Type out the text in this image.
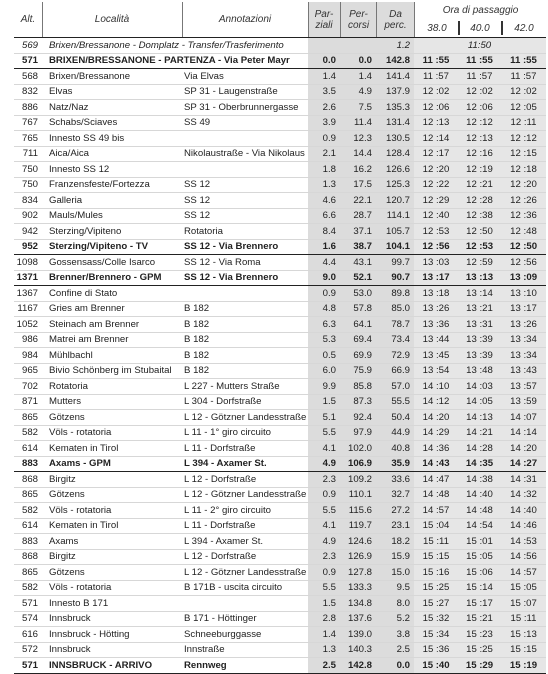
Alt.	Località	Annotazioni	Par-
ziali
Per-
corsi
Da
perc.
Ora di passaggio
38.0	40.0	42.0
569	Brixen/Bressanone - Domplatz - Transfer/Trasferimento				1.2		11:50	
571	BRIXEN/BRESSANONE - PARTENZA - Via Peter Mayr		0.0	0.0	142.8	11 :55	11 :55	11 :55
568	Brixen/Bressanone	Via Elvas	1.4	1.4	141.4	11 :57	11 :57	11 :57
832	Elvas	SP 31 - Laugenstraße	3.5	4.9	137.9	12 :02	12 :02	12 :02
886	Natz/Naz	SP 31 - Oberbrunnergasse	2.6	7.5	135.3	12 :06	12 :06	12 :05
767	Schabs/Sciaves	SS 49	3.9	11.4	131.4	12 :13	12 :12	12 :11
765	Innesto SS 49 bis		0.9	12.3	130.5	12 :14	12 :13	12 :12
711	Aica/Aica	Nikolaustraße - Via Nikolaus	2.1	14.4	128.4	12 :17	12 :16	12 :15
750	Innesto SS 12		1.8	16.2	126.6	12 :20	12 :19	12 :18
750	Franzensfeste/Fortezza	SS 12	1.3	17.5	125.3	12 :22	12 :21	12 :20
834	Galleria	SS 12	4.6	22.1	120.7	12 :29	12 :28	12 :26
902	Mauls/Mules	SS 12	6.6	28.7	114.1	12 :40	12 :38	12 :36
942	Sterzing/Vipiteno	Rotatoria	8.4	37.1	105.7	12 :53	12 :50	12 :48
952	Sterzing/Vipiteno - TV	SS 12 - Via Brennero	1.6	38.7	104.1	12 :56	12 :53	12 :50
1098	Gossensass/Colle Isarco	SS 12 - Via Roma	4.4	43.1	99.7	13 :03	12 :59	12 :56
1371	Brenner/Brennero - GPM	SS 12 - Via Brennero	9.0	52.1	90.7	13 :17	13 :13	13 :09
1367	Confine di Stato		0.9	53.0	89.8	13 :18	13 :14	13 :10
1167	Gries am Brenner	B 182	4.8	57.8	85.0	13 :26	13 :21	13 :17
1052	Steinach am Brenner	B 182	6.3	64.1	78.7	13 :36	13 :31	13 :26
986	Matrei am Brenner	B 182	5.3	69.4	73.4	13 :44	13 :39	13 :34
984	Mühlbachl	B 182	0.5	69.9	72.9	13 :45	13 :39	13 :34
965	Bivio Schönberg im Stubaital	B 182	6.0	75.9	66.9	13 :54	13 :48	13 :43
702	Rotatoria	L 227 - Mutters Straße	9.9	85.8	57.0	14 :10	14 :03	13 :57
871	Mutters	L 304 - Dorfstraße	1.5	87.3	55.5	14 :12	14 :05	13 :59
865	Götzens	L 12 - Götzner Landesstraße	5.1	92.4	50.4	14 :20	14 :13	14 :07
582	Völs - rotatoria	L 11 - 1° giro circuito	5.5	97.9	44.9	14 :29	14 :21	14 :14
614	Kematen in Tirol	L 11 - Dorfstraße	4.1	102.0	40.8	14 :36	14 :28	14 :20
883	Axams - GPM	L 394 - Axamer St.	4.9	106.9	35.9	14 :43	14 :35	14 :27
868	Birgitz	L 12 - Dorfstraße	2.3	109.2	33.6	14 :47	14 :38	14 :31
865	Götzens	L 12 - Götzner Landesstraße	0.9	110.1	32.7	14 :48	14 :40	14 :32
582	Völs - rotatoria	L 11 - 2° giro circuito	5.5	115.6	27.2	14 :57	14 :48	14 :40
614	Kematen in Tirol	L 11 - Dorfstraße	4.1	119.7	23.1	15 :04	14 :54	14 :46
883	Axams	L 394 - Axamer St.	4.9	124.6	18.2	15 :11	15 :01	14 :53
868	Birgitz	L 12 - Dorfstraße	2.3	126.9	15.9	15 :15	15 :05	14 :56
865	Götzens	L 12 - Götzner Landesstraße	0.9	127.8	15.0	15 :16	15 :06	14 :57
582	Völs - rotatoria	B 171B - uscita circuito	5.5	133.3	9.5	15 :25	15 :14	15 :05
571	Innesto B 171		1.5	134.8	8.0	15 :27	15 :17	15 :07
574	Innsbruck	B 171 - Höttinger	2.8	137.6	5.2	15 :32	15 :21	15 :11
616	Innsbruck - Hötting	Schneeburggasse	1.4	139.0	3.8	15 :34	15 :23	15 :13
572	Innsbruck	Innstraße	1.3	140.3	2.5	15 :36	15 :25	15 :15
571	INNSBRUCK - ARRIVO	Rennweg	2.5	142.8	0.0	15 :40	15 :29	15 :19
